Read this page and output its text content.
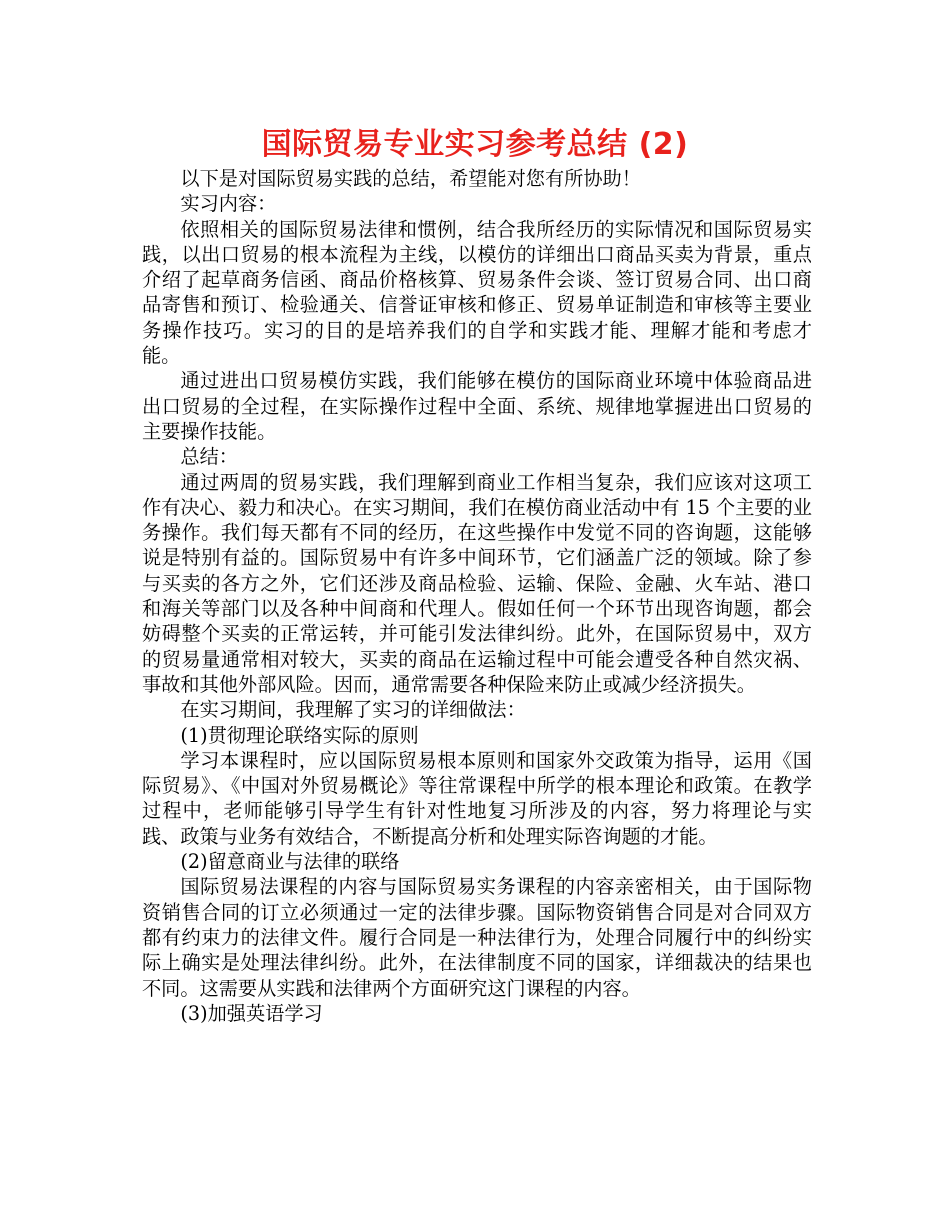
国际贸易专业实习参考总结 (2)

以下是对国际贸易实践的总结，希望能对您有所协助！

实习内容：

依照相关的国际贸易法律和惯例，结合我所经历的实际情况和国际贸易实践，以出口贸易的根本流程为主线，以模仿的详细出口商品买卖为背景，重点介绍了起草商务信函、商品价格核算、贸易条件会谈、签订贸易合同、出口商品寄售和预订、检验通关、信誉证审核和修正、贸易单证制造和审核等主要业务操作技巧。实习的目的是培养我们的自学和实践才能、理解才能和考虑才能。

通过进出口贸易模仿实践，我们能够在模仿的国际商业环境中体验商品进出口贸易的全过程，在实际操作过程中全面、系统、规律地掌握进出口贸易的主要操作技能。

总结：

通过两周的贸易实践，我们理解到商业工作相当复杂，我们应该对这项工作有决心、毅力和决心。在实习期间，我们在模仿商业活动中有 15 个主要的业务操作。我们每天都有不同的经历，在这些操作中发觉不同的咨询题，这能够说是特别有益的。国际贸易中有许多中间环节，它们涵盖广泛的领域。除了参与买卖的各方之外，它们还涉及商品检验、运输、保险、金融、火车站、港口和海关等部门以及各种中间商和代理人。假如任何一个环节出现咨询题，都会妨碍整个买卖的正常运转，并可能引发法律纠纷。此外，在国际贸易中，双方的贸易量通常相对较大，买卖的商品在运输过程中可能会遭受各种自然灾祸、事故和其他外部风险。因而，通常需要各种保险来防止或减少经济损失。

在实习期间，我理解了实习的详细做法：

(1)贯彻理论联络实际的原则

学习本课程时，应以国际贸易根本原则和国家外交政策为指导，运用《国际贸易》、《中国对外贸易概论》等往常课程中所学的根本理论和政策。在教学过程中，老师能够引导学生有针对性地复习所涉及的内容，努力将理论与实践、政策与业务有效结合，不断提高分析和处理实际咨询题的才能。

(2)留意商业与法律的联络

国际贸易法课程的内容与国际贸易实务课程的内容亲密相关，由于国际物资销售合同的订立必须通过一定的法律步骤。国际物资销售合同是对合同双方都有约束力的法律文件。履行合同是一种法律行为，处理合同履行中的纠纷实际上确实是处理法律纠纷。此外，在法律制度不同的国家，详细裁决的结果也不同。这需要从实践和法律两个方面研究这门课程的内容。

(3)加强英语学习
